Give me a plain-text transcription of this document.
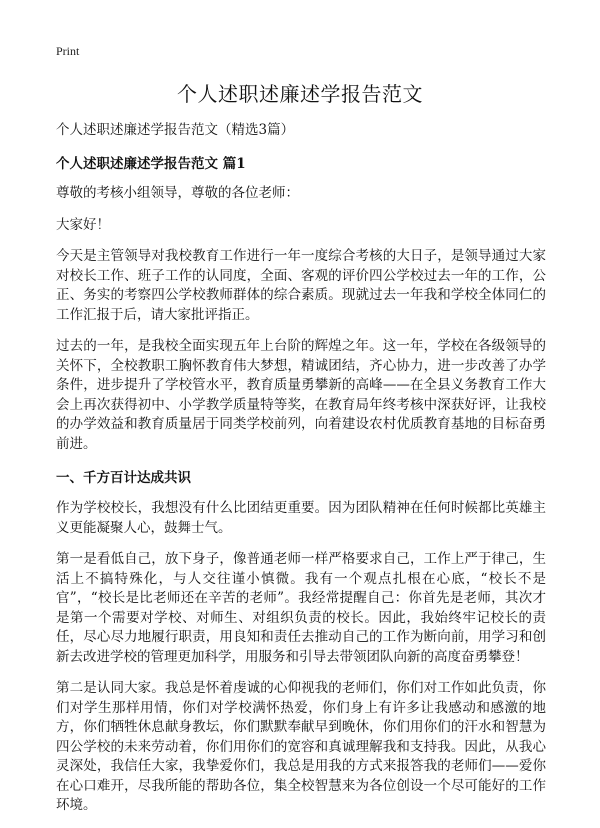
Print
个人述职述廉述学报告范文
个人述职述廉述学报告范文（精选3篇）
个人述职述廉述学报告范文 篇1

尊敬的考核小组领导，尊敬的各位老师：

大家好！

今天是主管领导对我校教育工作进行一年一度综合考核的大日子，是领导通过大家对校长工作、班子工作的认同度，全面、客观的评价四公学校过去一年的工作，公正、务实的考察四公学校教师群体的综合素质。现就过去一年我和学校全体同仁的工作汇报于后，请大家批评指正。

过去的一年，是我校全面实现五年上台阶的辉煌之年。这一年，学校在各级领导的关怀下，全校教职工胸怀教育伟大梦想，精诚团结，齐心协力，进一步改善了办学条件，进步提升了学校管水平，教育质量勇攀新的高峰——在全县义务教育工作大会上再次获得初中、小学教学质量特等奖，在教育局年终考核中深获好评，让我校的办学效益和教育质量居于同类学校前列，向着建设农村优质教育基地的目标奋勇前进。

一、千方百计达成共识

作为学校校长，我想没有什么比团结更重要。因为团队精神在任何时候都比英雄主义更能凝聚人心，鼓舞士气。

第一是看低自己，放下身子，像普通老师一样严格要求自己，工作上严于律己，生活上不搞特殊化，与人交往谨小慎微。我有一个观点扎根在心底，“校长不是官”，“校长是比老师还在辛苦的老师”。我经常提醒自己：你首先是老师，其次才是第一个需要对学校、对师生、对组织负责的校长。因此，我始终牢记校长的责任，尽心尽力地履行职责，用良知和责任去推动自己的工作为断向前，用学习和创新去改进学校的管理更加科学，用服务和引导去带领团队向新的高度奋勇攀登！

第二是认同大家。我总是怀着虔诚的心仰视我的老师们，你们对工作如此负责，你们对学生那样用情，你们对学校满怀热爱，你们身上有许多让我感动和感激的地方，你们牺牲休息献身教坛，你们默默奉献早到晚休，你们用你们的汗水和智慧为四公学校的未来劳动着，你们用你们的宽容和真诚理解我和支持我。因此，从我心灵深处，我信任大家，我挚爱你们，我总是用我的方式来报答我的老师们——爱你在心口难开，尽我所能的帮助各位，集全校智慧来为各位创设一个尽可能好的工作环境。
